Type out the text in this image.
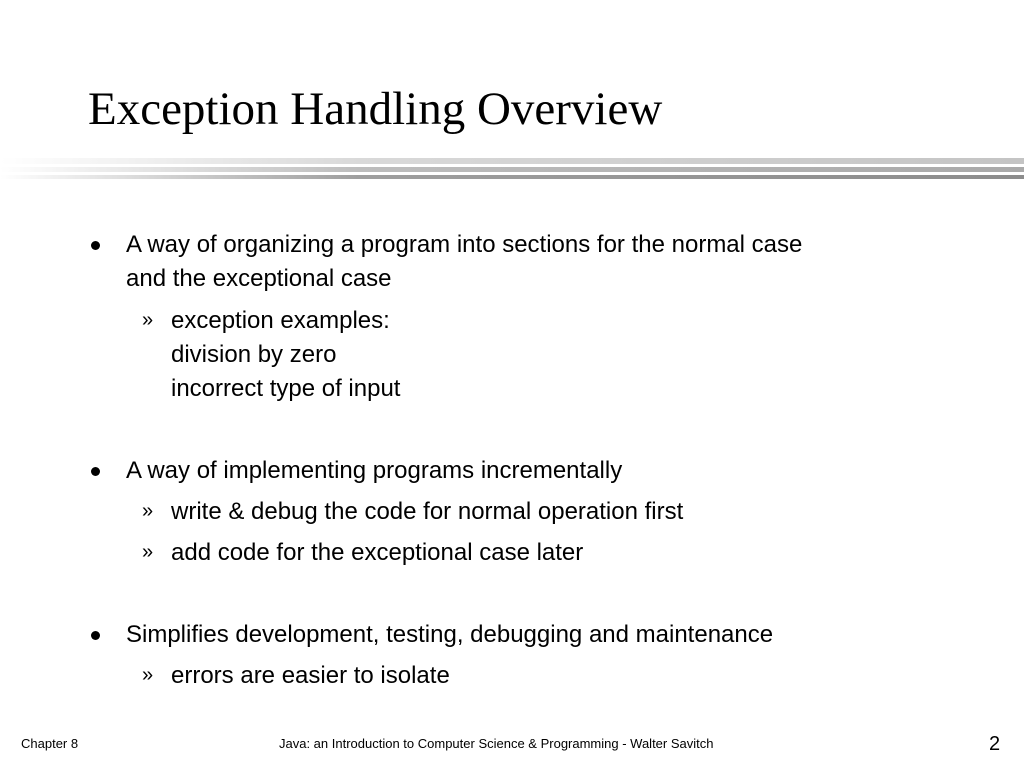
Exception Handling Overview
A way of organizing a program into sections for the normal case
and the exceptional case
» exception examples:
division by zero
incorrect type of input
A way of implementing programs incrementally
» write & debug the code for normal operation first
» add code for the exceptional case later
Simplifies development, testing, debugging and maintenance
» errors are easier to isolate
Chapter 8	Java: an Introduction to Computer Science & Programming - Walter Savitch	2
